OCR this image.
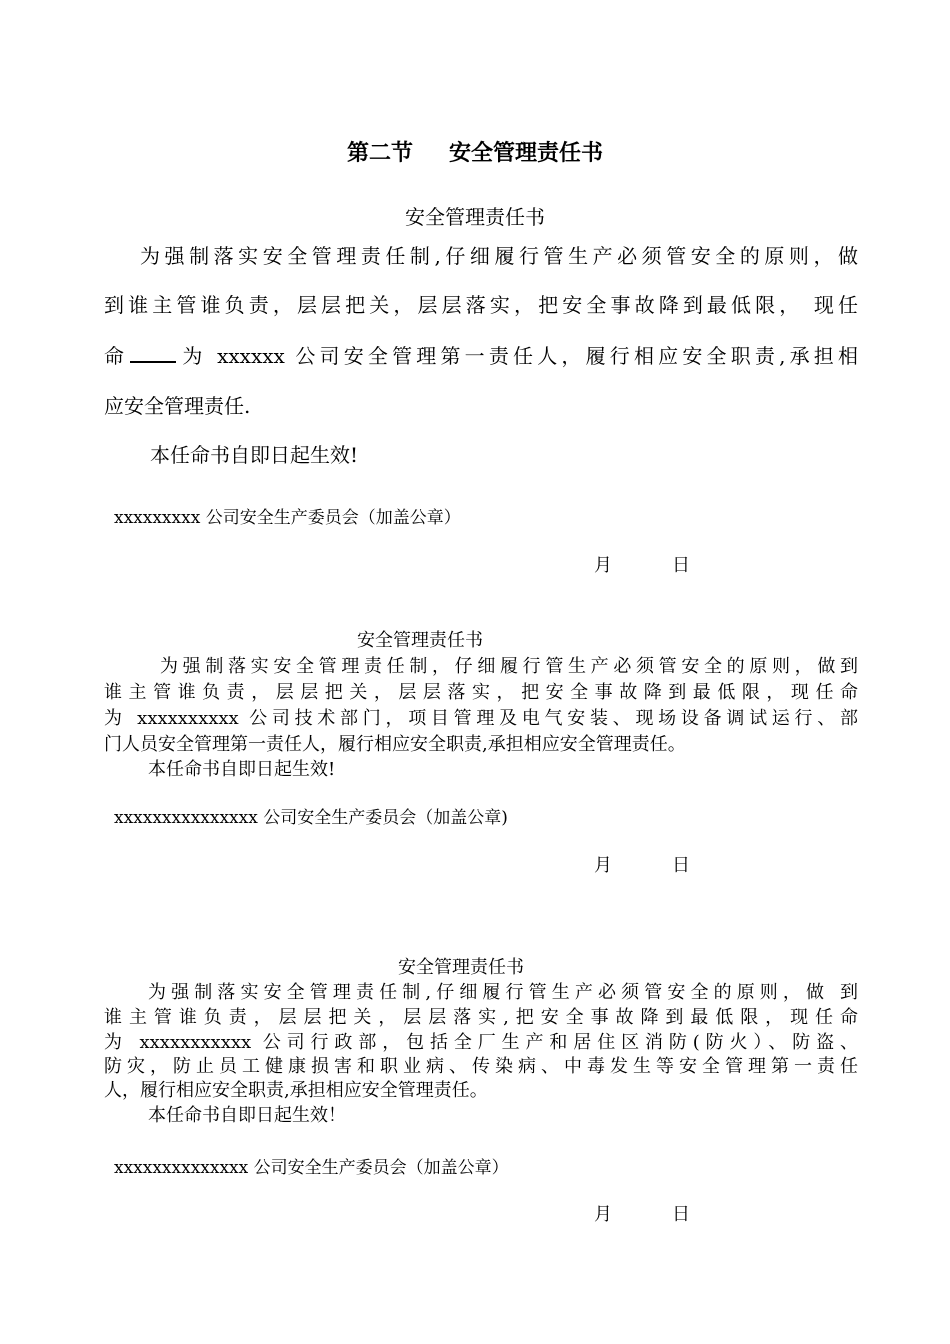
第二节 安全管理责任书
安全管理责任书
为强制落实安全管理责任制,仔细履行管生产必须管安全的原则，做
到谁主管谁负责，层层把关，层层落实，把安全事故降到最低限， 现任
命	为 xxxxxx 公司安全管理第一责任人，履行相应安全职责,承担相
应安全管理责任.
本任命书自即日起生效!
xxxxxxxxx 公司安全生产委员会（加盖公章）
月	日
安全管理责任书
为强制落实安全管理责任制，仔细履行管生产必须管安全的原则，做到
谁主管谁负责，层层把关，层层落实，把安全事故降到最低限，现任命
为 xxxxxxxxxx 公司技术部门，项目管理及电气安装、现场设备调试运行、部
门人员安全管理第一责任人，履行相应安全职责,承担相应安全管理责任。
本任命书自即日起生效!
xxxxxxxxxxxxxxx 公司安全生产委员会（加盖公章)
月	日
安全管理责任书
为强制落实安全管理责任制,仔细履行管生产必须管安全的原则，做 到
谁主管谁负责，层层把关，层层落实,把安全事故降到最低限，现任命
为 xxxxxxxxxxx 公司行政部，包括全厂生产和居住区消防(防火）、防盗、
防灾，防止员工健康损害和职业病、传染病、中毒发生等安全管理第一责任
人，履行相应安全职责,承担相应安全管理责任。
本任命书自即日起生效！
xxxxxxxxxxxxxx 公司安全生产委员会（加盖公章）
月	日
